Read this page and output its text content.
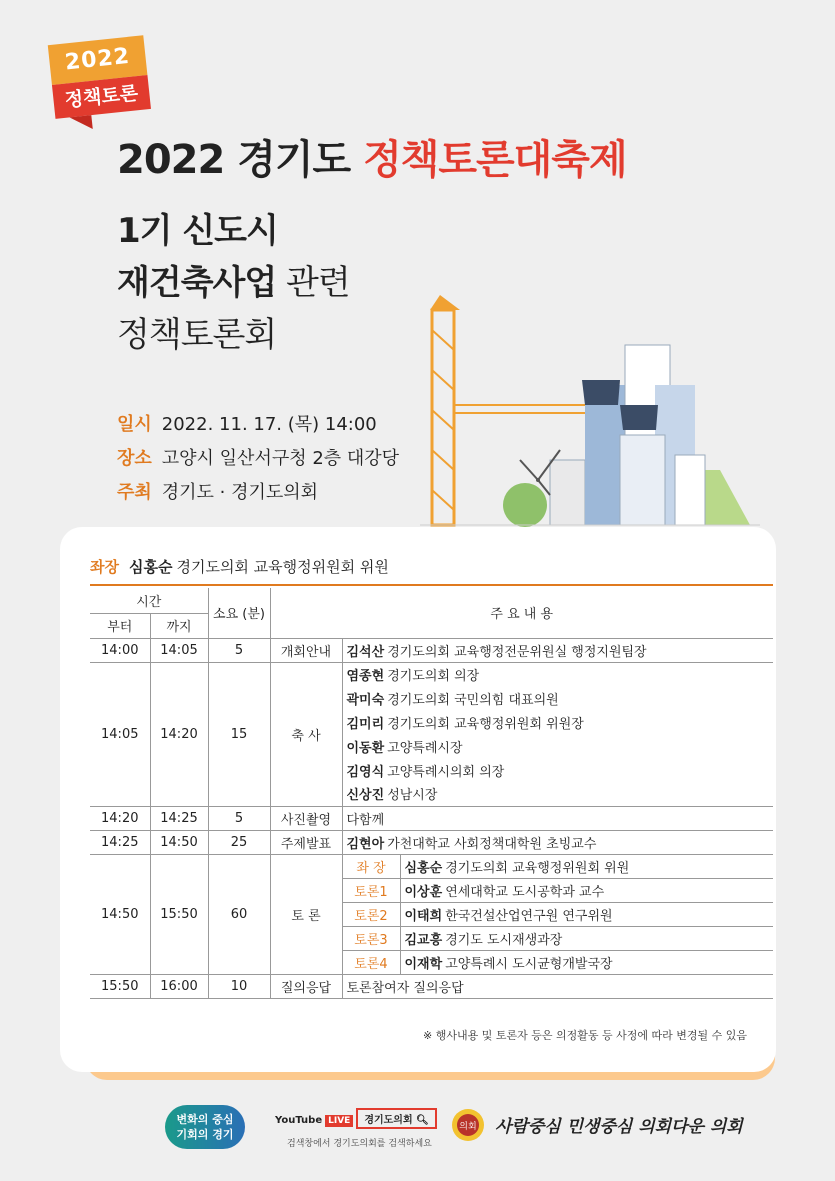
2022
정책토론
2022 경기도 정책토론대축제
1기 신도시
재건축사업 관련
정책토론회
일시 2022. 11. 17. (목) 14:00
장소 고양시 일산서구청 2층 대강당
주최 경기도 · 경기도의회
좌장 심홍순 경기도의회 교육행정위원회 위원
시간		소요 (분)	주 요 내 용		
부터	까지				
14:00	14:05	5	개회안내	김석산 경기도의회 교육행정전문위원실 행정지원팀장	
14:05	14:20	15	축 사	염종현 경기도의회 의장	
				곽미숙 경기도의회 국민의힘 대표의원	
				김미리 경기도의회 교육행정위원회 위원장	
				이동환 고양특례시장	
				김영식 고양특례시의회 의장	
				신상진 성남시장	
14:20	14:25	5	사진촬영	다함께	
14:25	14:50	25	주제발표	김현아 가천대학교 사회정책대학원 초빙교수	
14:50	15:50	60	토 론	좌 장	심홍순 경기도의회 교육행정위원회 위원
				토론1	이상훈 연세대학교 도시공학과 교수
				토론2	이태희 한국건설산업연구원 연구위원
				토론3	김교흥 경기도 도시재생과장
				토론4	이재학 고양특례시 도시균형개발국장
15:50	16:00	10	질의응답	토론참여자 질의응답	
※ 행사내용 및 토론자 등은 의정활동 등 사정에 따라 변경될 수 있음
변화의 중심
기회의 경기
YouTube LIVE 경기도의회 🔍︎
검색창에서 경기도의회를 검색하세요
의회 사람중심 민생중심 의회다운 의회
